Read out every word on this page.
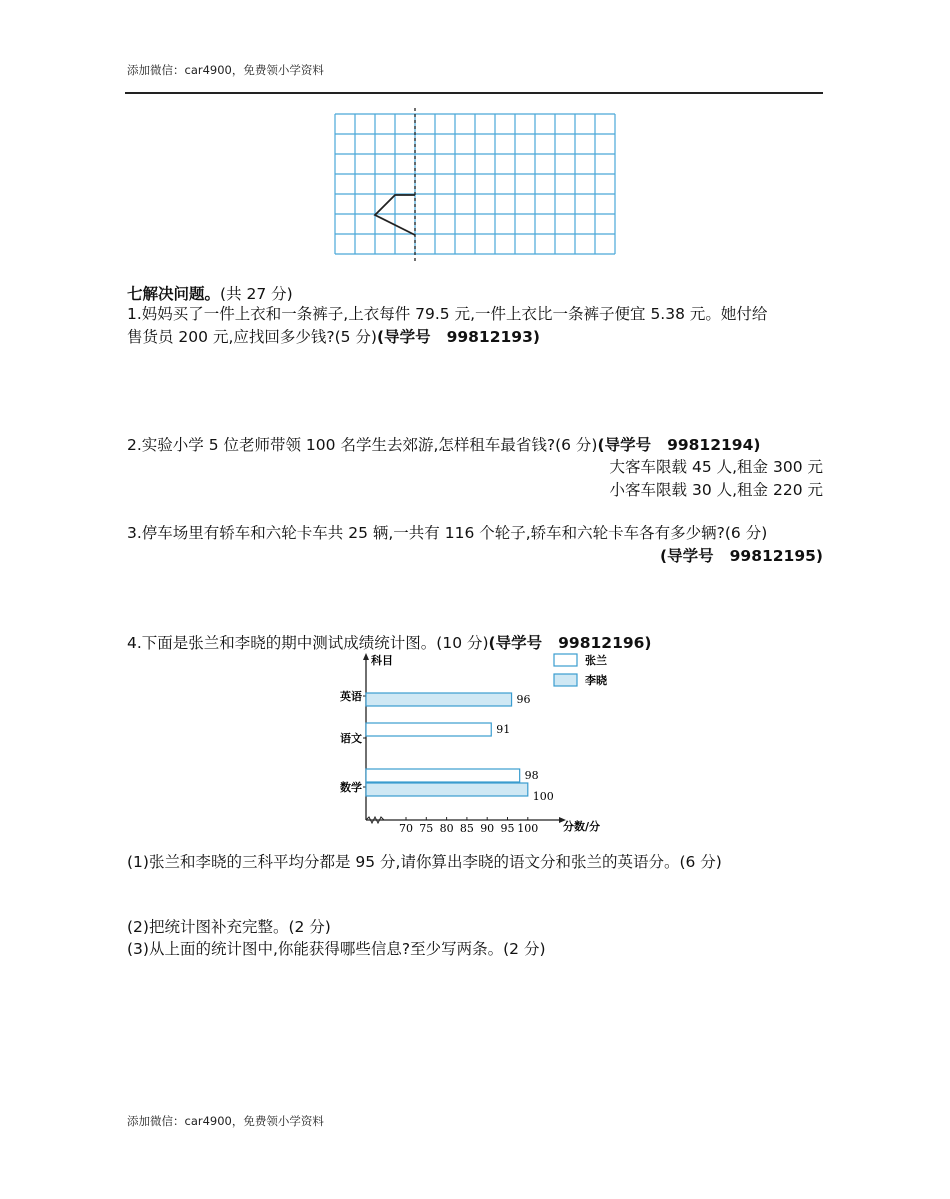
添加微信：car4900，免费领小学资料
七解决问题。(共 27 分)
1.妈妈买了一件上衣和一条裤子,上衣每件 79.5 元,一件上衣比一条裤子便宜 5.38 元。她付给
售货员 200 元,应找回多少钱?(5 分)(导学号 99812193)
2.实验小学 5 位老师带领 100 名学生去郊游,怎样租车最省钱?(6 分)(导学号 99812194)
大客车限载 45 人,租金 300 元
小客车限载 30 人,租金 220 元
3.停车场里有轿车和六轮卡车共 25 辆,一共有 116 个轮子,轿车和六轮卡车各有多少辆?(6 分)
(导学号 99812195)
4.下面是张兰和李晓的期中测试成绩统计图。(10 分)(导学号 99812196)
科目
分数/分
张兰
李晓
70 75 80 85 90 95 100
英语	96
语文
91
数学
98
100
(1)张兰和李晓的三科平均分都是 95 分,请你算出李晓的语文分和张兰的英语分。(6 分)
(2)把统计图补充完整。(2 分)
(3)从上面的统计图中,你能获得哪些信息?至少写两条。(2 分)
添加微信：car4900，免费领小学资料
